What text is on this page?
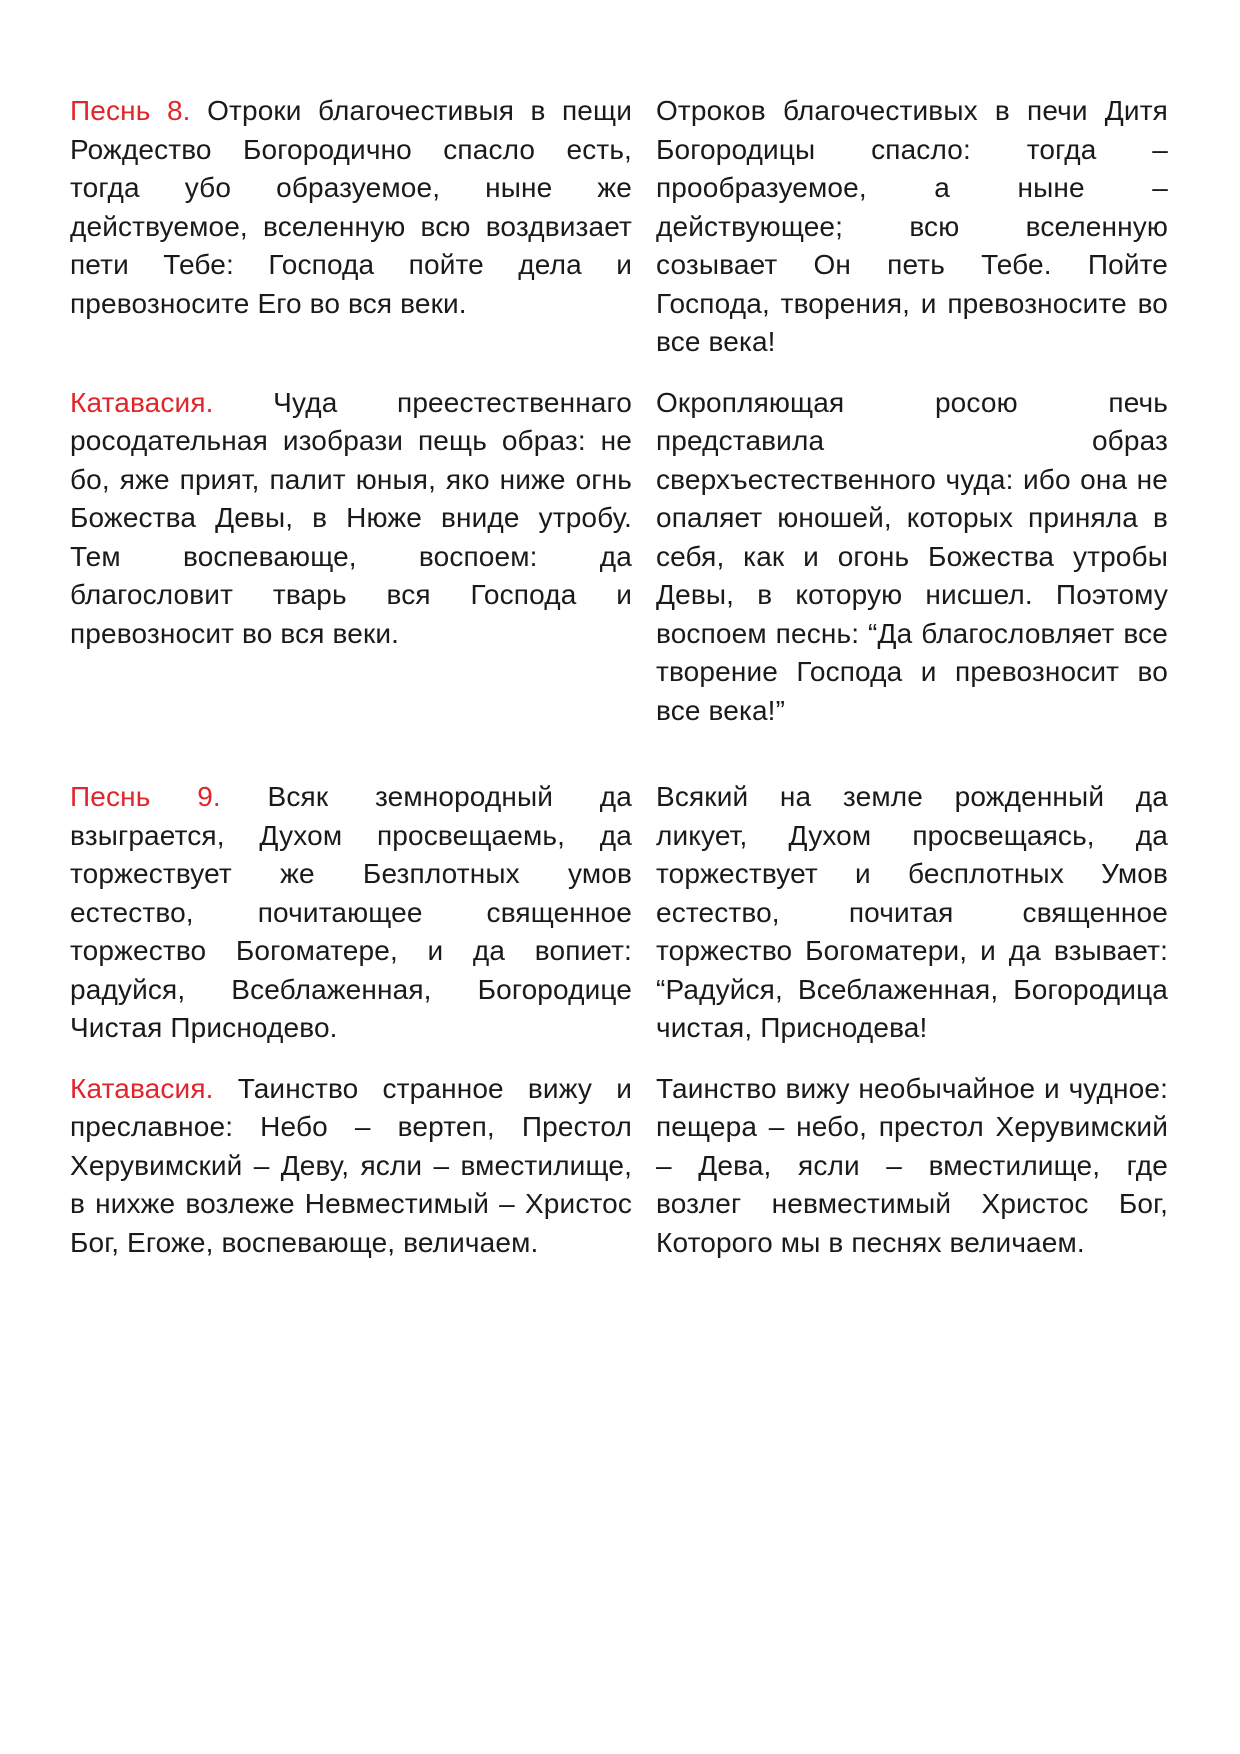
Песнь 8. Отроки благочестивыя в пещи Рождество Богородично спасло есть, тогда убо образуемое, ныне же действуемое, вселенную всю воздвизает пети Тебе: Господа пойте дела и превозносите Его во вся веки.
Отроков благочестивых в печи Дитя Богородицы спасло: тогда – прообразуемое, а ныне – действующее; всю вселенную созывает Он петь Тебе. Пойте Господа, творения, и превозносите во все века!
Катавасия. Чуда преестественнаго росодательная изобрази пещь образ: не бо, яже прият, палит юныя, яко ниже огнь Божества Девы, в Нюже вниде утробу. Тем воспевающе, воспоем: да благословит тварь вся Господа и превозносит во вся веки.
Окропляющая росою печь представила образ сверхъестественного чуда: ибо она не опаляет юношей, которых приняла в себя, как и огонь Божества утробы Девы, в которую нисшел. Поэтому воспоем песнь: “Да благословляет все творение Господа и превозносит во все века!”
Песнь 9. Всяк земнородный да взыграется, Духом просвещаемь, да торжествует же Безплотных умов естество, почитающее священное торжество Богоматере, и да вопиет: радуйся, Всеблаженная, Богородице Чистая Приснодево.
Всякий на земле рожденный да ликует, Духом просвещаясь, да торжествует и бесплотных Умов естество, почитая священное торжество Богоматери, и да взывает: “Радуйся, Всеблаженная, Богородица чистая, Приснодева!
Катавасия. Таинство странное вижу и преславное: Небо – вертеп, Престол Херувимский – Деву, ясли – вместилище, в нихже возлеже Невместимый – Христос Бог, Егоже, воспевающе, величаем.
Таинство вижу необычайное и чудное: пещера – небо, престол Херувимский – Дева, ясли – вместилище, где возлег невместимый Христос Бог, Которого мы в песнях величаем.
